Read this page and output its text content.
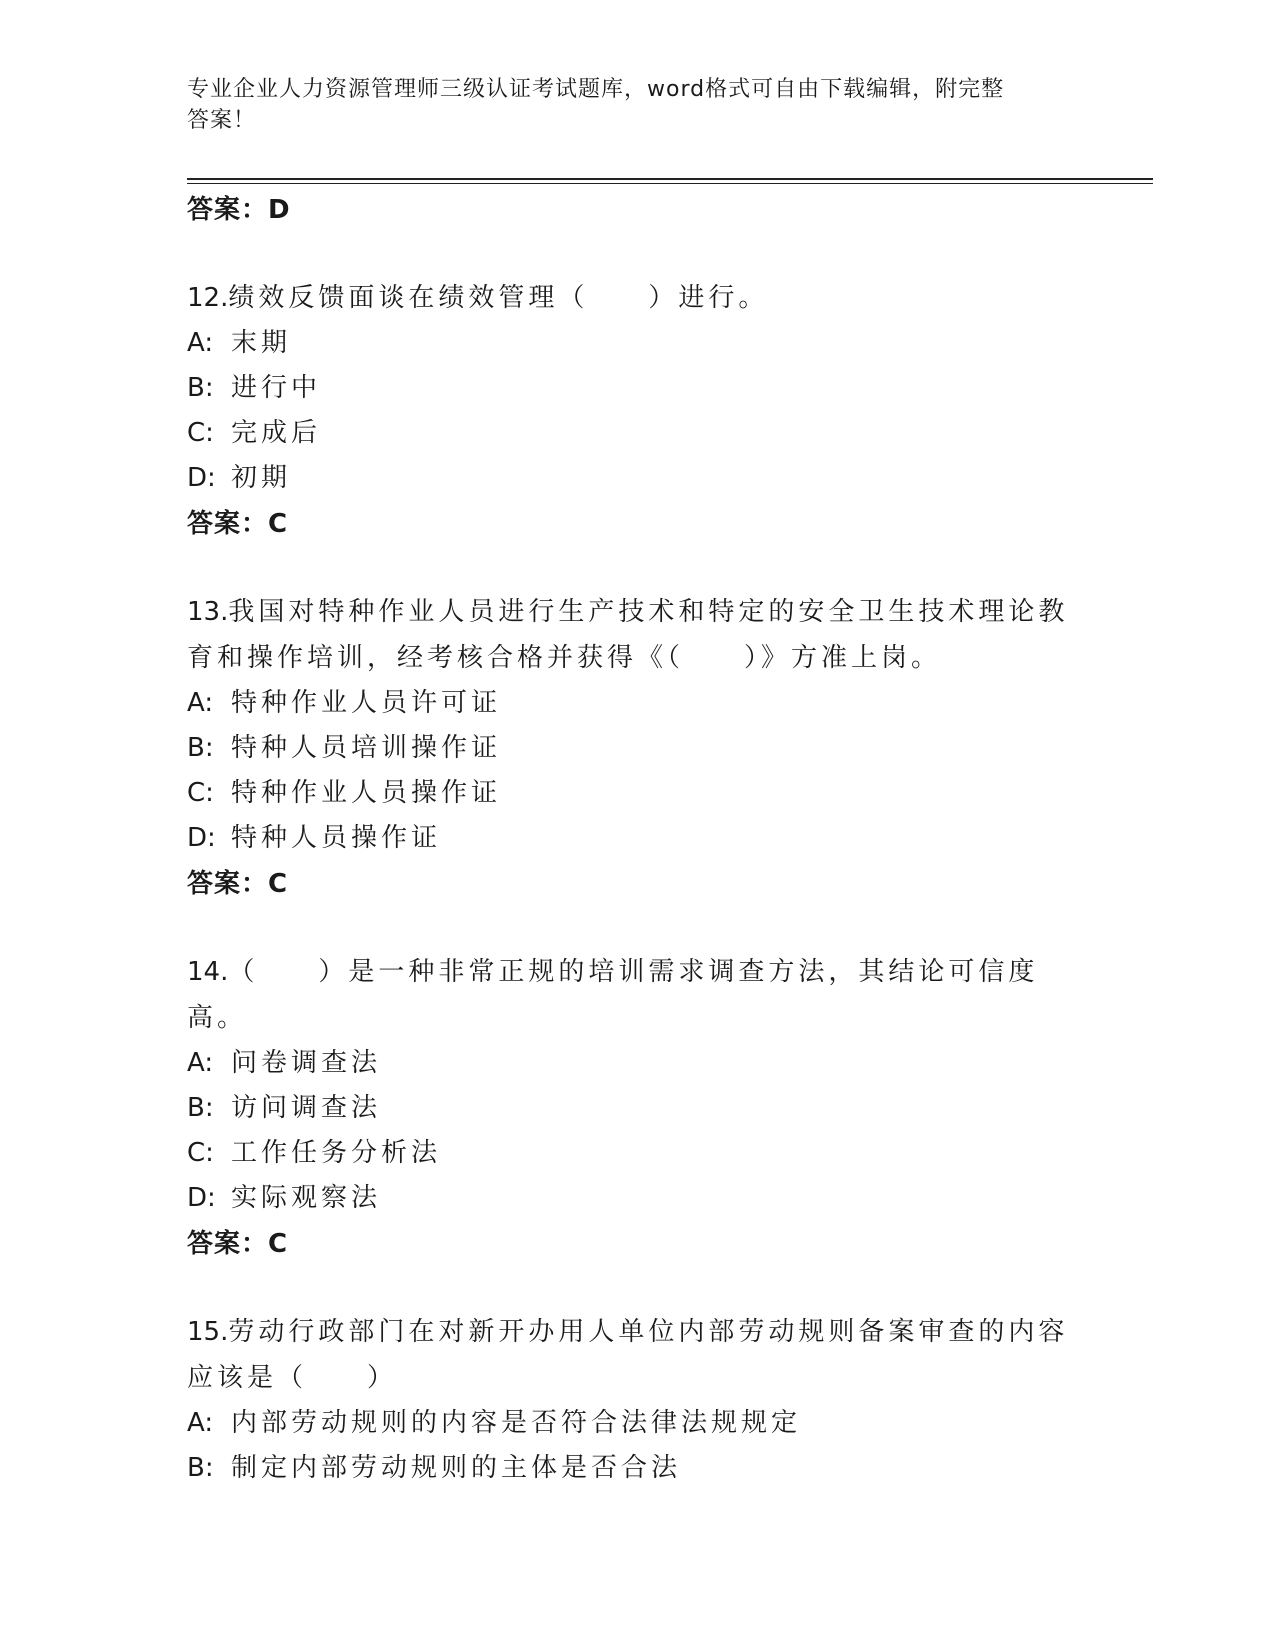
专业企业人力资源管理师三级认证考试题库，word格式可自由下载编辑，附完整
答案！
答案：D
12.绩效反馈面谈在绩效管理（　　）进行。
A: 末期
B: 进行中
C: 完成后
D: 初期
答案：C
13.我国对特种作业人员进行生产技术和特定的安全卫生技术理论教育和操作培训，经考核合格并获得《（　　）》方准上岗。
A: 特种作业人员许可证
B: 特种人员培训操作证
C: 特种作业人员操作证
D: 特种人员操作证
答案：C
14.（　　）是一种非常正规的培训需求调查方法，其结论可信度高。
A: 问卷调查法
B: 访问调查法
C: 工作任务分析法
D: 实际观察法
答案：C
15.劳动行政部门在对新开办用人单位内部劳动规则备案审查的内容应该是（　　）
A: 内部劳动规则的内容是否符合法律法规规定
B: 制定内部劳动规则的主体是否合法
